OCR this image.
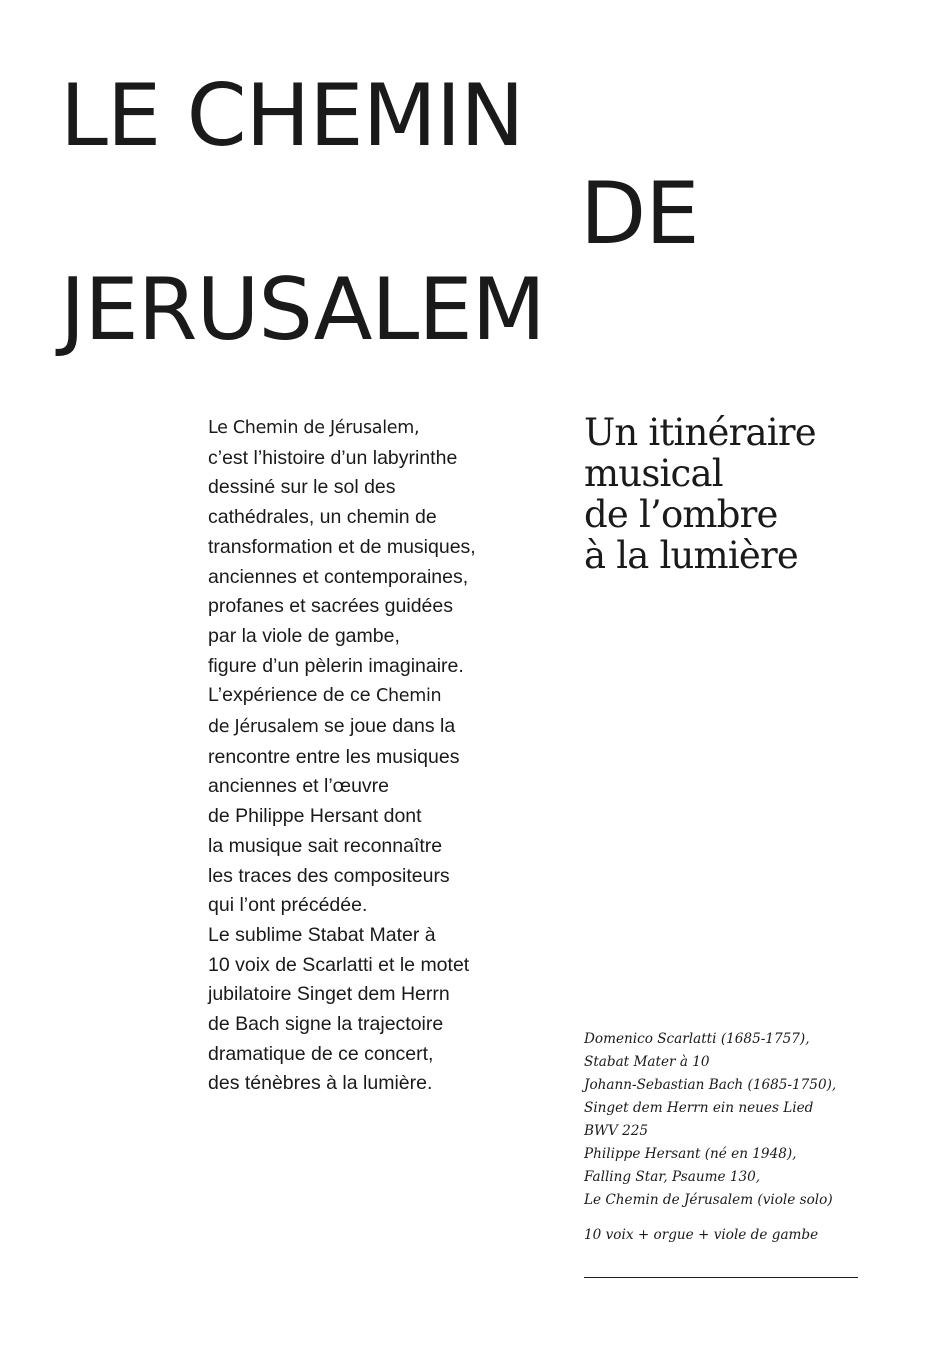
LE CHEMIN
DE
JERUSALEM
Le Chemin de Jérusalem,
c’est l’histoire d’un labyrinthe
dessiné sur le sol des
cathédrales, un chemin de
transformation et de musiques,
anciennes et contemporaines,
profanes et sacrées guidées
par la viole de gambe,
figure d’un pèlerin imaginaire.
L’expérience de ce Chemin
de Jérusalem se joue dans la
rencontre entre les musiques
anciennes et l’œuvre
de Philippe Hersant dont
la musique sait reconnaître
les traces des compositeurs
qui l’ont précédée.
Le sublime Stabat Mater à
10 voix de Scarlatti et le motet
jubilatoire Singet dem Herrn
de Bach signe la trajectoire
dramatique de ce concert,
des ténèbres à la lumière.
Un itinéraire
musical
de l’ombre
à la lumière
Domenico Scarlatti (1685-1757),
Stabat Mater à 10
Johann-Sebastian Bach (1685-1750),
Singet dem Herrn ein neues Lied
BWV 225
Philippe Hersant (né en 1948),
Falling Star, Psaume 130,
Le Chemin de Jérusalem (viole solo)
10 voix + orgue + viole de gambe
